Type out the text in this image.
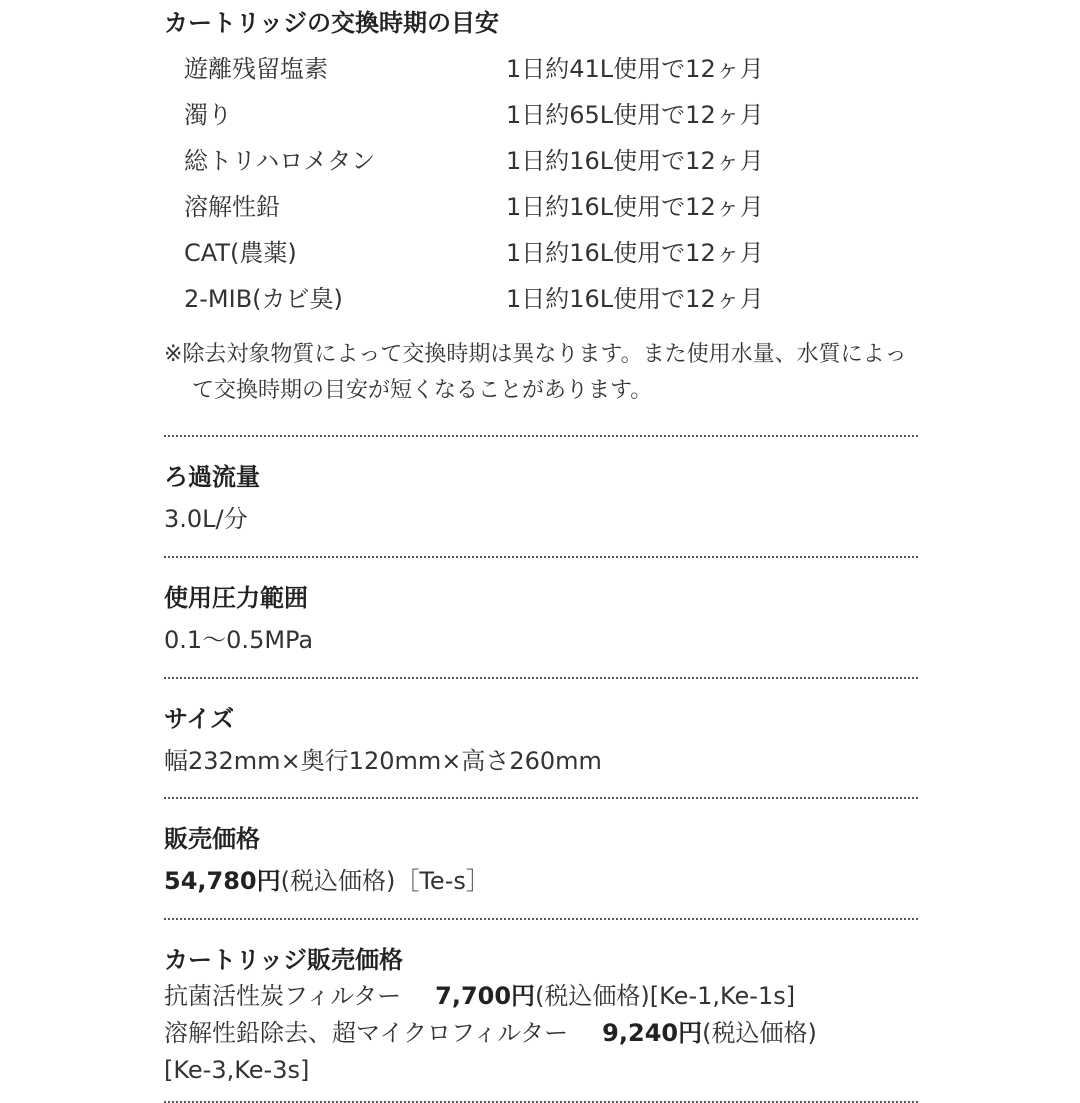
カートリッジの交換時期の目安
遊離残留塩素	1日約41L使用で12ヶ月
濁り	1日約65L使用で12ヶ月
総トリハロメタン	1日約16L使用で12ヶ月
溶解性鉛	1日約16L使用で12ヶ月
CAT(農薬)	1日約16L使用で12ヶ月
2-MIB(カビ臭)	1日約16L使用で12ヶ月
※除去対象物質によって交換時期は異なります。また使用水量、水質によって交換時期の目安が短くなることがあります。
ろ過流量
3.0L/分
使用圧力範囲
0.1〜0.5MPa
サイズ
幅232mm×奥行120mm×高さ260mm
販売価格
54,780円(税込価格)［Te-s］
カートリッジ販売価格
抗菌活性炭フィルター 7,700円(税込価格)[Ke-1,Ke-1s]
溶解性鉛除去、超マイクロフィルター 9,240円(税込価格)
[Ke-3,Ke-3s]
